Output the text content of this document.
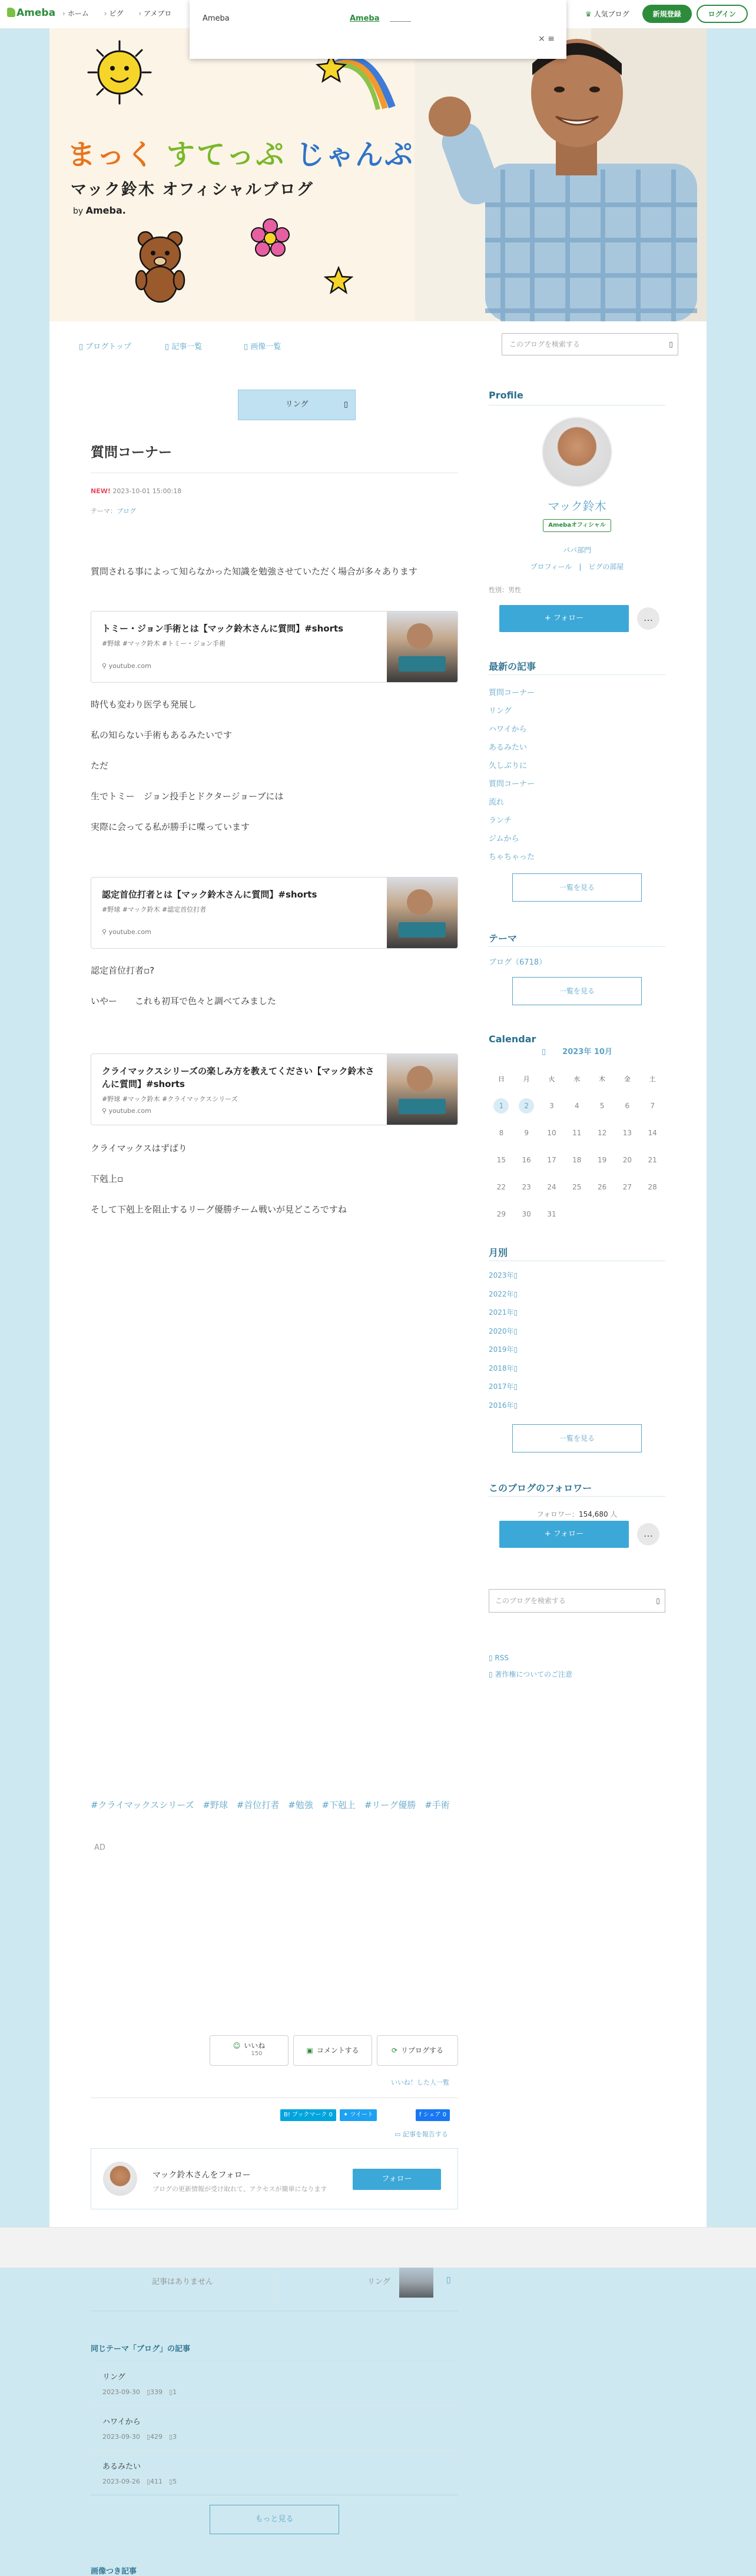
Ameba	› ホーム	› ピグ	› アメブロ	♛ 人気ブログ	新規登録	ログイン
Ameba	Ameba
× ≡
まっく すてっぷ じゃんぷ
マック鈴木 オフィシャルブログ
by Ameba.
▯ ブログトップ	▯ 記事一覧	▯ 画像一覧	このブログを検索する	▯
リング	▯
質問コーナー
NEW! 2023-10-01 15:00:18
テーマ：ブログ
質問される事によって知らなかった知識を勉強させていただく場合が多々あります
トミー・ジョン手術とは【マック鈴木さんに質問】#shorts
#野球 #マック鈴木 #トミー・ジョン手術
⚲ youtube.com
時代も変わり医学も発展し
私の知らない手術もあるみたいです
ただ
生でトミー　ジョン投手とドクタージョーブには
実際に会ってる私が勝手に喋っています
認定首位打者とは【マック鈴木さんに質問】#shorts
#野球 #マック鈴木 #認定首位打者
⚲ youtube.com
認定首位打者▫?
いやー　　これも初耳で色々と調べてみました
クライマックスシリーズの楽しみ方を教えてください【マック鈴木さんに質問】#shorts
#野球 #マック鈴木 #クライマックスシリーズ
⚲ youtube.com
クライマックスはずばり
下剋上▫
そして下剋上を阻止するリーグ優勝チーム戦いが見どころですね
#クライマックスシリーズ #野球 #首位打者 #勉強 #下剋上 #リーグ優勝 #手術
AD
☺ いいね
150	▣ コメントする	⟳ リブログする
いいね！した人一覧
B! ブックマーク 0	✦ ツイート	f シェア 0
▭ 記事を報告する
マック鈴木さんをフォロー
ブログの更新情報が受け取れて、アクセスが簡単になります
フォロー
記事はありません	リング	▯
同じテーマ「ブログ」の記事
リング
2023-09-30　 ▯339　 ▯1
ハワイから
2023-09-30　 ▯429　 ▯3
あるみたい
2023-09-26　 ▯411　 ▯5
もっと見る
画像つき記事
Profile
マック鈴木
Amebaオフィシャル
パパ部門
プロフィール　|　ピグの部屋
性別：男性
+ フォロー	…
最新の記事
質問コーナー
リング
ハワイから
あるみたい
久しぶりに
質問コーナー
流れ
ランチ
ジムから
ちゃちゃった
一覧を見る
テーマ
ブログ（6718）
一覧を見る
Calendar
▯ 2023年 10月
日	月	火	水	木	金	土
1	2	3	4	5	6	7
8	9	10	11	12	13	14
15	16	17	18	19	20	21
22	23	24	25	26	27	28
29	30	31
月別
2023年▯
2022年▯
2021年▯
2020年▯
2019年▯
2018年▯
2017年▯
2016年▯
一覧を見る
このブログのフォロワー
フォロワー：154,680 人
+ フォロー	…
このブログを検索する	▯
▯ RSS
▯ 著作権についてのご注意
